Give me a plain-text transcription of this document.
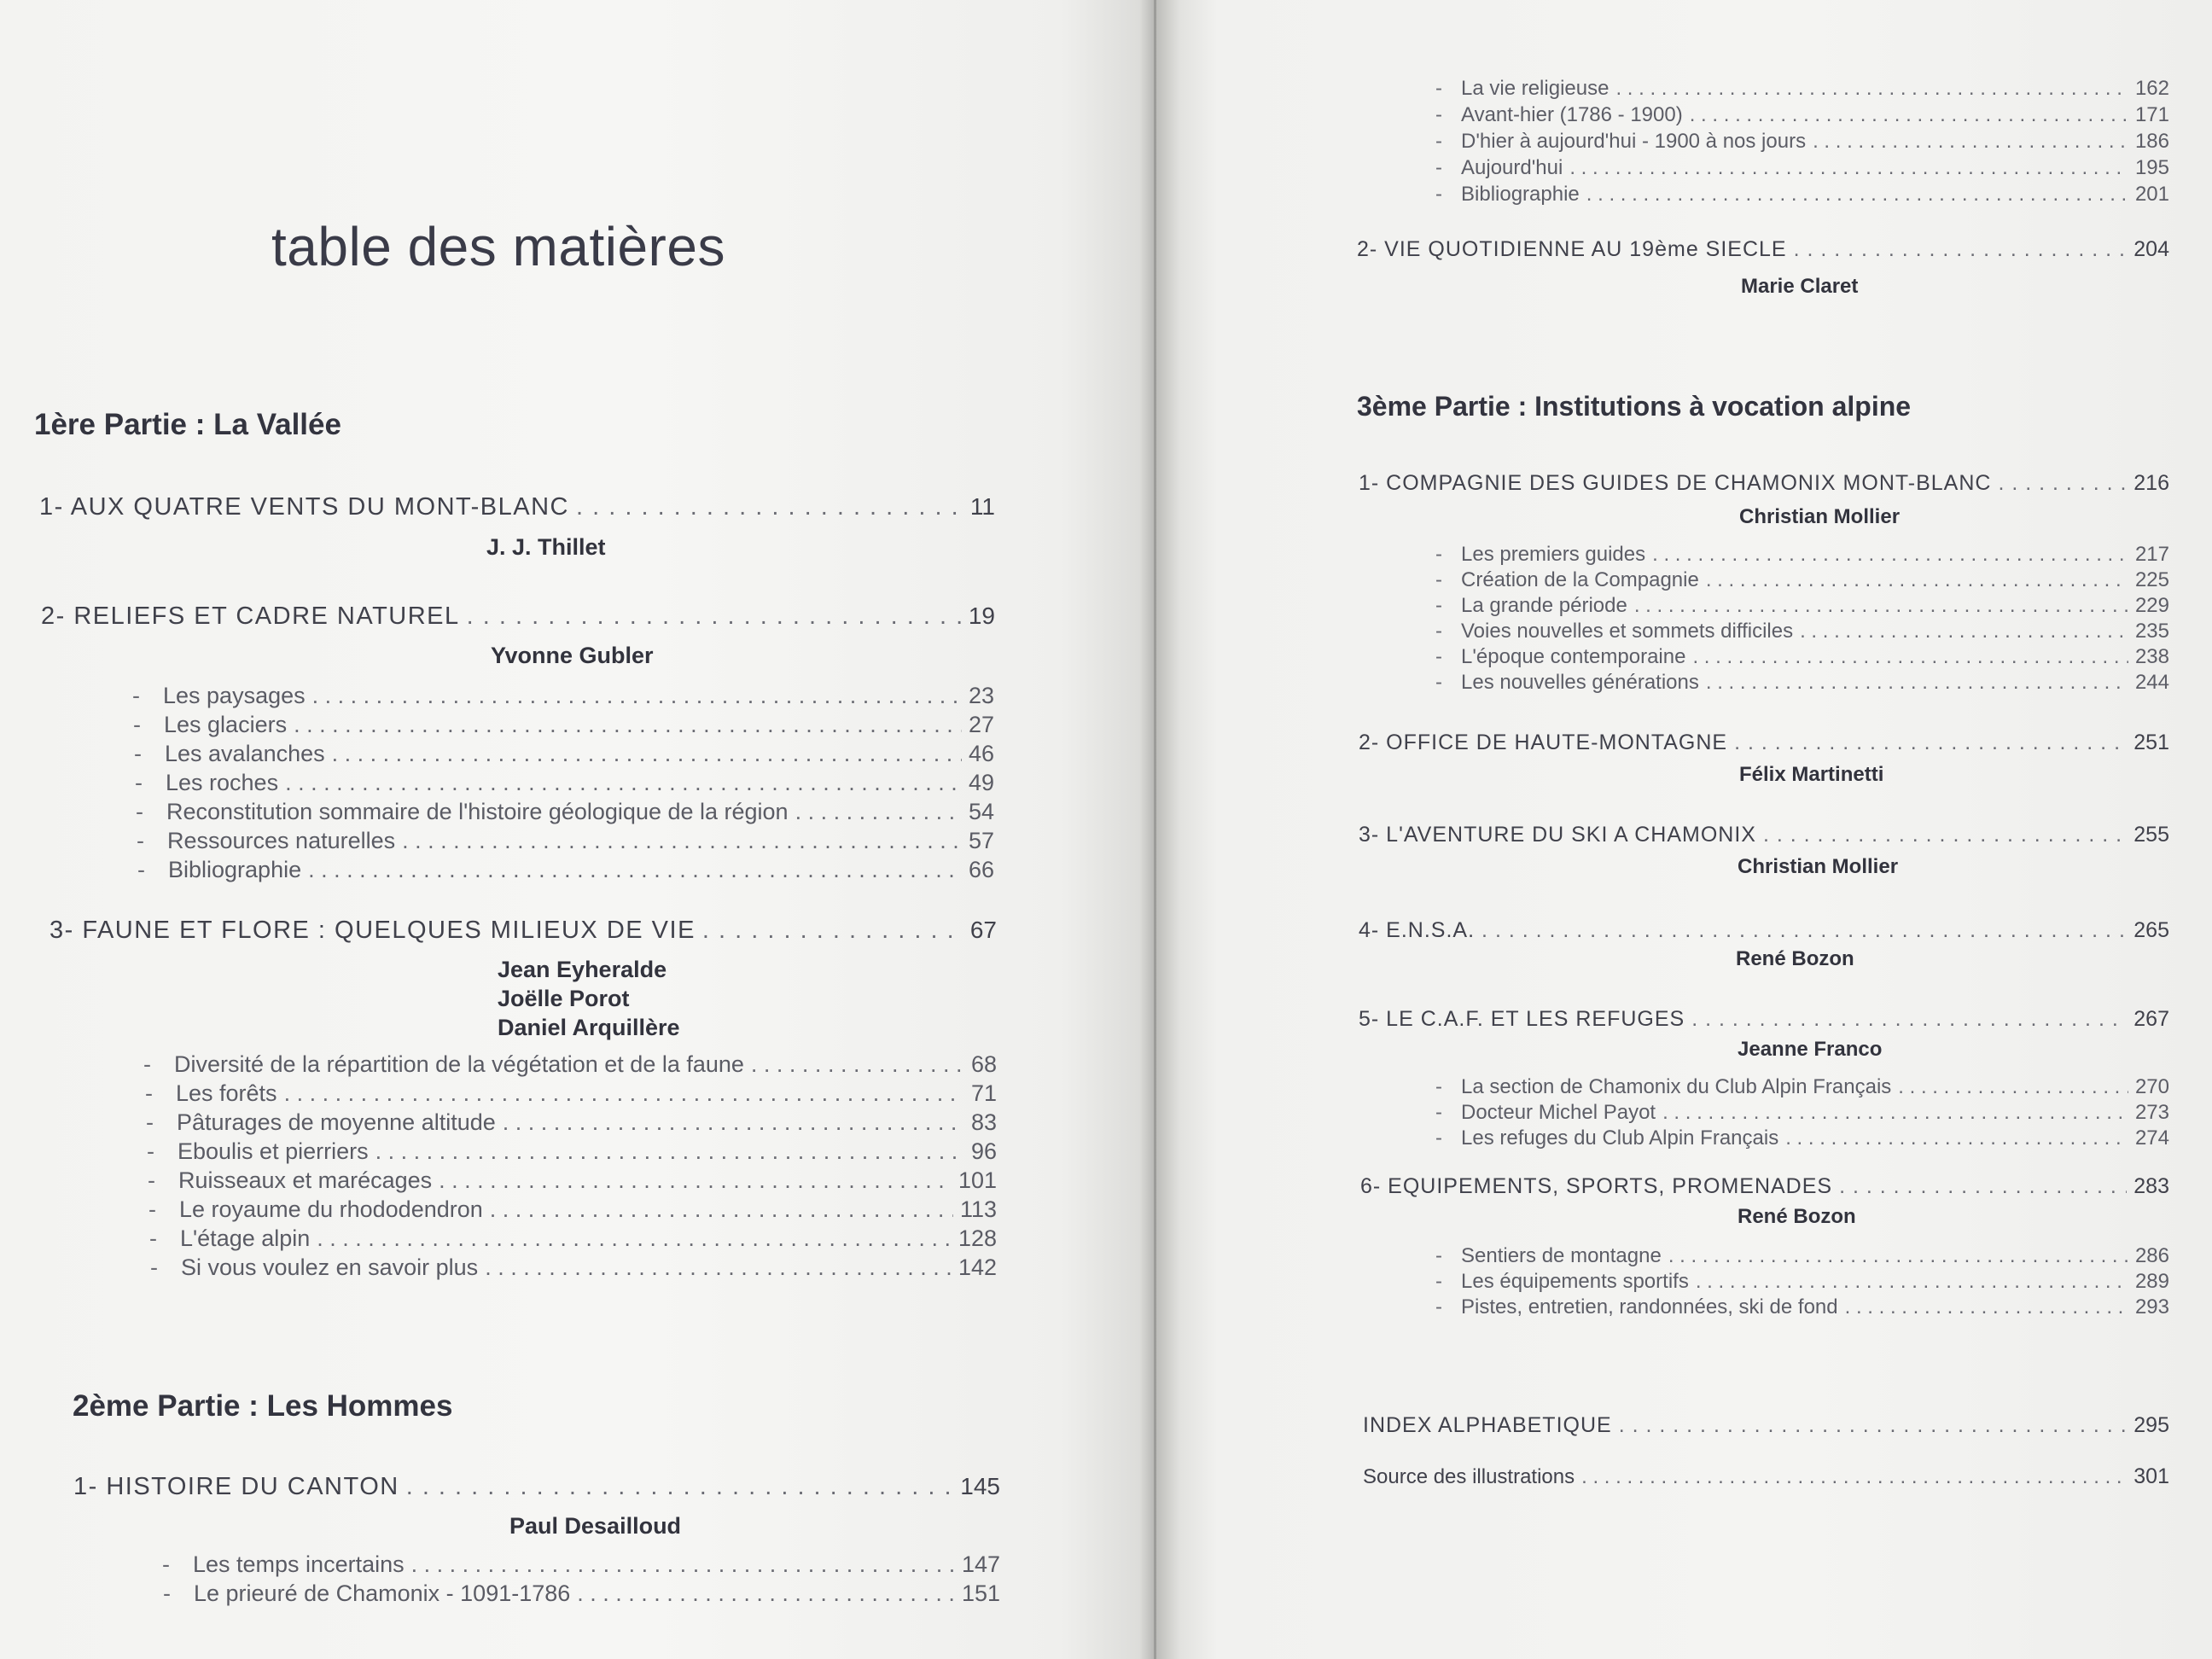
table des matières
1ère Partie : La Vallée
1- AUX QUATRE VENTS DU MONT-BLANC . . .	11
J. J. Thillet
2- RELIEFS ET CADRE NATUREL . . .	19
Yvonne Gubler
- Les paysages . . .	23
- Les glaciers . . .	27
- Les avalanches . . .	46
- Les roches . . .	49
- Reconstitution sommaire de l'histoire géologique de la région . . .	54
- Ressources naturelles . . .	57
- Bibliographie . . .	66
3- FAUNE ET FLORE : QUELQUES MILIEUX DE VIE . . .	67
Jean Eyheralde
Joëlle Porot
Daniel Arquillère
- Diversité de la répartition de la végétation et de la faune . . .	68
- Les forêts . . .	71
- Pâturages de moyenne altitude . . .	83
- Eboulis et pierriers . . .	96
- Ruisseaux et marécages . . .	101
- Le royaume du rhododendron . . .	113
- L'étage alpin . . .	128
- Si vous voulez en savoir plus . . .	142
2ème Partie : Les Hommes
1- HISTOIRE DU CANTON . . .	145
Paul Desailloud
- Les temps incertains . . .	147
- Le prieuré de Chamonix - 1091-1786 . . .	151
- La vie religieuse . . .	162
- Avant-hier (1786 - 1900) . . .	171
- D'hier à aujourd'hui - 1900 à nos jours . . .	186
- Aujourd'hui . . .	195
- Bibliographie . . .	201
2- VIE QUOTIDIENNE AU 19ème SIECLE . . .	204
Marie Claret
3ème Partie : Institutions à vocation alpine
1- COMPAGNIE DES GUIDES DE CHAMONIX MONT-BLANC . . .	216
Christian Mollier
- Les premiers guides . . .	217
- Création de la Compagnie . . .	225
- La grande période . . .	229
- Voies nouvelles et sommets difficiles . . .	235
- L'époque contemporaine . . .	238
- Les nouvelles générations . . .	244
2- OFFICE DE HAUTE-MONTAGNE . . .	251
Félix Martinetti
3- L'AVENTURE DU SKI A CHAMONIX . . .	255
Christian Mollier
4- E.N.S.A. . . .	265
René Bozon
5- LE C.A.F. ET LES REFUGES . . .	267
Jeanne Franco
- La section de Chamonix du Club Alpin Français . . .	270
- Docteur Michel Payot . . .	273
- Les refuges du Club Alpin Français . . .	274
6- EQUIPEMENTS, SPORTS, PROMENADES . . .	283
René Bozon
- Sentiers de montagne . . .	286
- Les équipements sportifs . . .	289
- Pistes, entretien, randonnées, ski de fond . . .	293
INDEX ALPHABETIQUE . . .	295
Source des illustrations . . .	301
